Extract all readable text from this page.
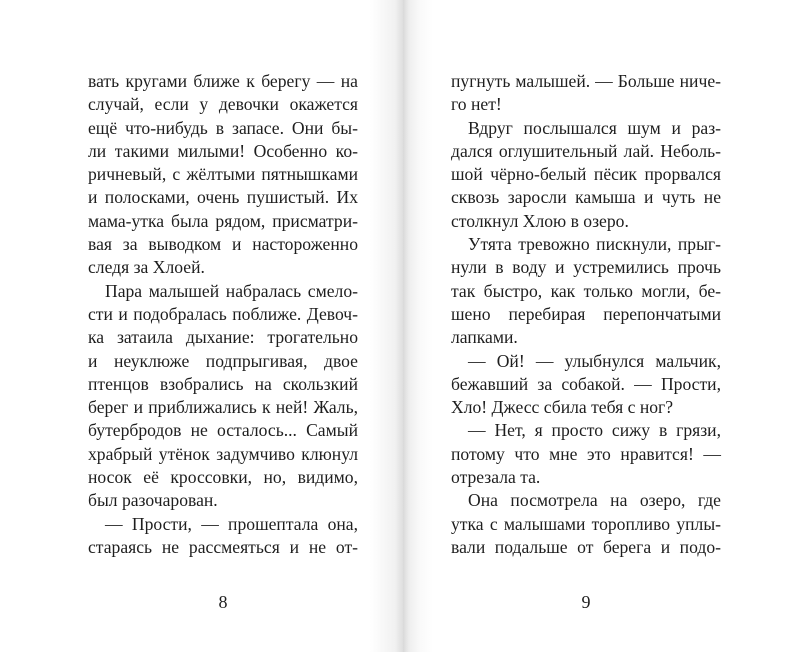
вать кругами ближе к берегу — на
случай, если у девочки окажется
ещё что-нибудь в запасе. Они бы-
ли такими милыми! Особенно ко-
ричневый, с жёлтыми пятнышками
и полосками, очень пушистый. Их
мама-утка была рядом, присматри-
вая за выводком и настороженно
следя за Хлоей.
Пара малышей набралась смело-
сти и подобралась поближе. Девоч-
ка затаила дыхание: трогательно
и неуклюже подпрыгивая, двое
птенцов взобрались на скользкий
берег и приближались к ней! Жаль,
бутербродов не осталось... Самый
храбрый утёнок задумчиво клюнул
носок её кроссовки, но, видимо,
был разочарован.
— Прости, — прошептала она,
стараясь не рассмеяться и не от-
8
пугнуть малышей. — Больше ниче-
го нет!
Вдруг послышался шум и раз-
дался оглушительный лай. Неболь-
шой чёрно-белый пёсик прорвался
сквозь заросли камыша и чуть не
столкнул Хлою в озеро.
Утята тревожно пискнули, прыг-
нули в воду и устремились прочь
так быстро, как только могли, бе-
шено перебирая перепончатыми
лапками.
— Ой! — улыбнулся мальчик,
бежавший за собакой. — Прости,
Хло! Джесс сбила тебя с ног?
— Нет, я просто сижу в грязи,
потому что мне это нравится! —
отрезала та.
Она посмотрела на озеро, где
утка с малышами торопливо уплы-
вали подальше от берега и подо-
9
